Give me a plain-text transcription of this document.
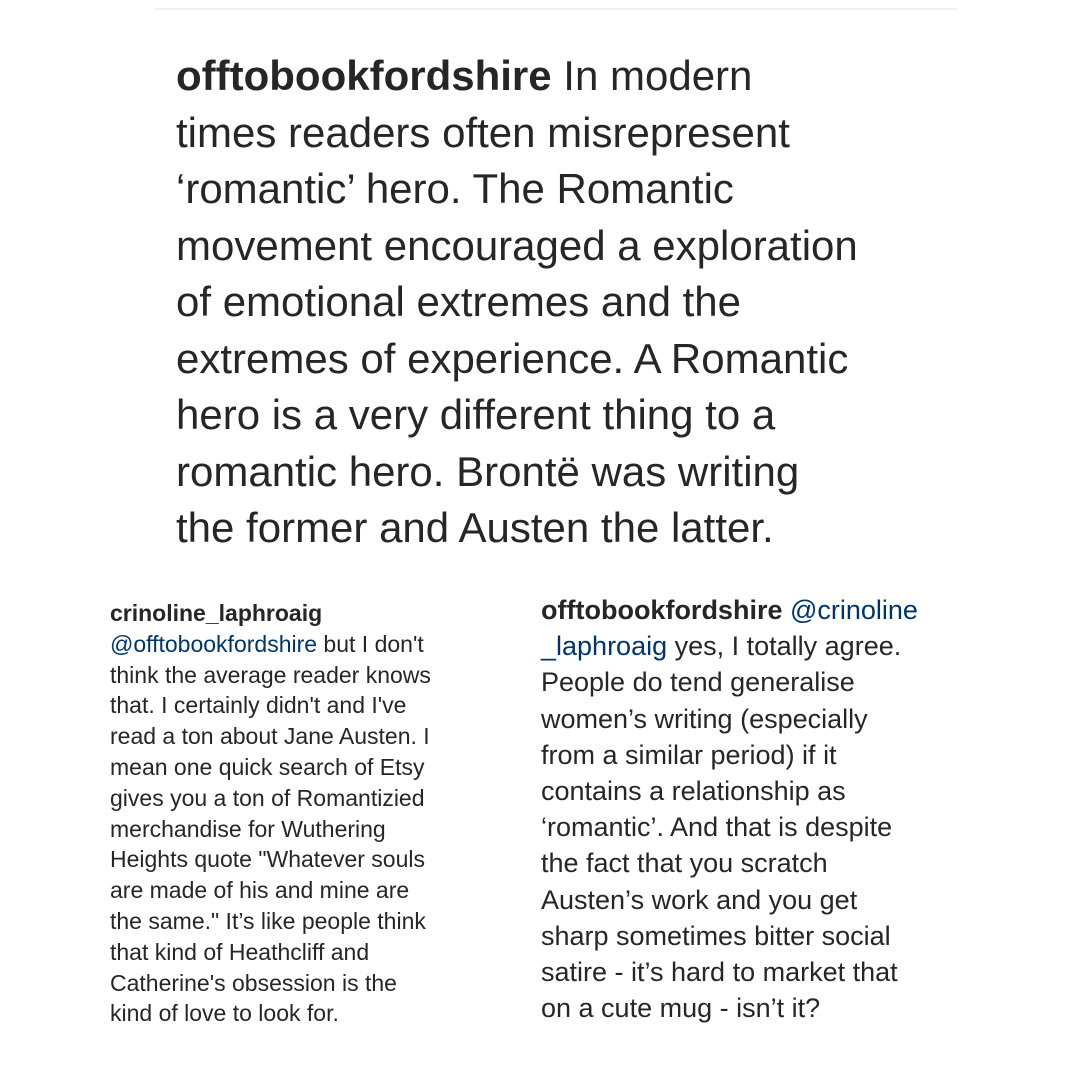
offtobookfordshire In modern
times readers often misrepresent
‘romantic’ hero. The Romantic
movement encouraged a exploration
of emotional extremes and the
extremes of experience. A Romantic
hero is a very different thing to a
romantic hero. Brontë was writing
the former and Austen the latter.
crinoline_laphroaig
@offtobookfordshire but I don't
think the average reader knows
that. I certainly didn't and I've
read a ton about Jane Austen. I
mean one quick search of Etsy
gives you a ton of Romantizied
merchandise for Wuthering
Heights quote "Whatever souls
are made of his and mine are
the same." It’s like people think
that kind of Heathcliff and
Catherine's obsession is the
kind of love to look for.
offtobookfordshire @crinoline
_laphroaig yes, I totally agree.
People do tend generalise
women’s writing (especially
from a similar period) if it
contains a relationship as
‘romantic’. And that is despite
the fact that you scratch
Austen’s work and you get
sharp sometimes bitter social
satire - it’s hard to market that
on a cute mug - isn’t it?
